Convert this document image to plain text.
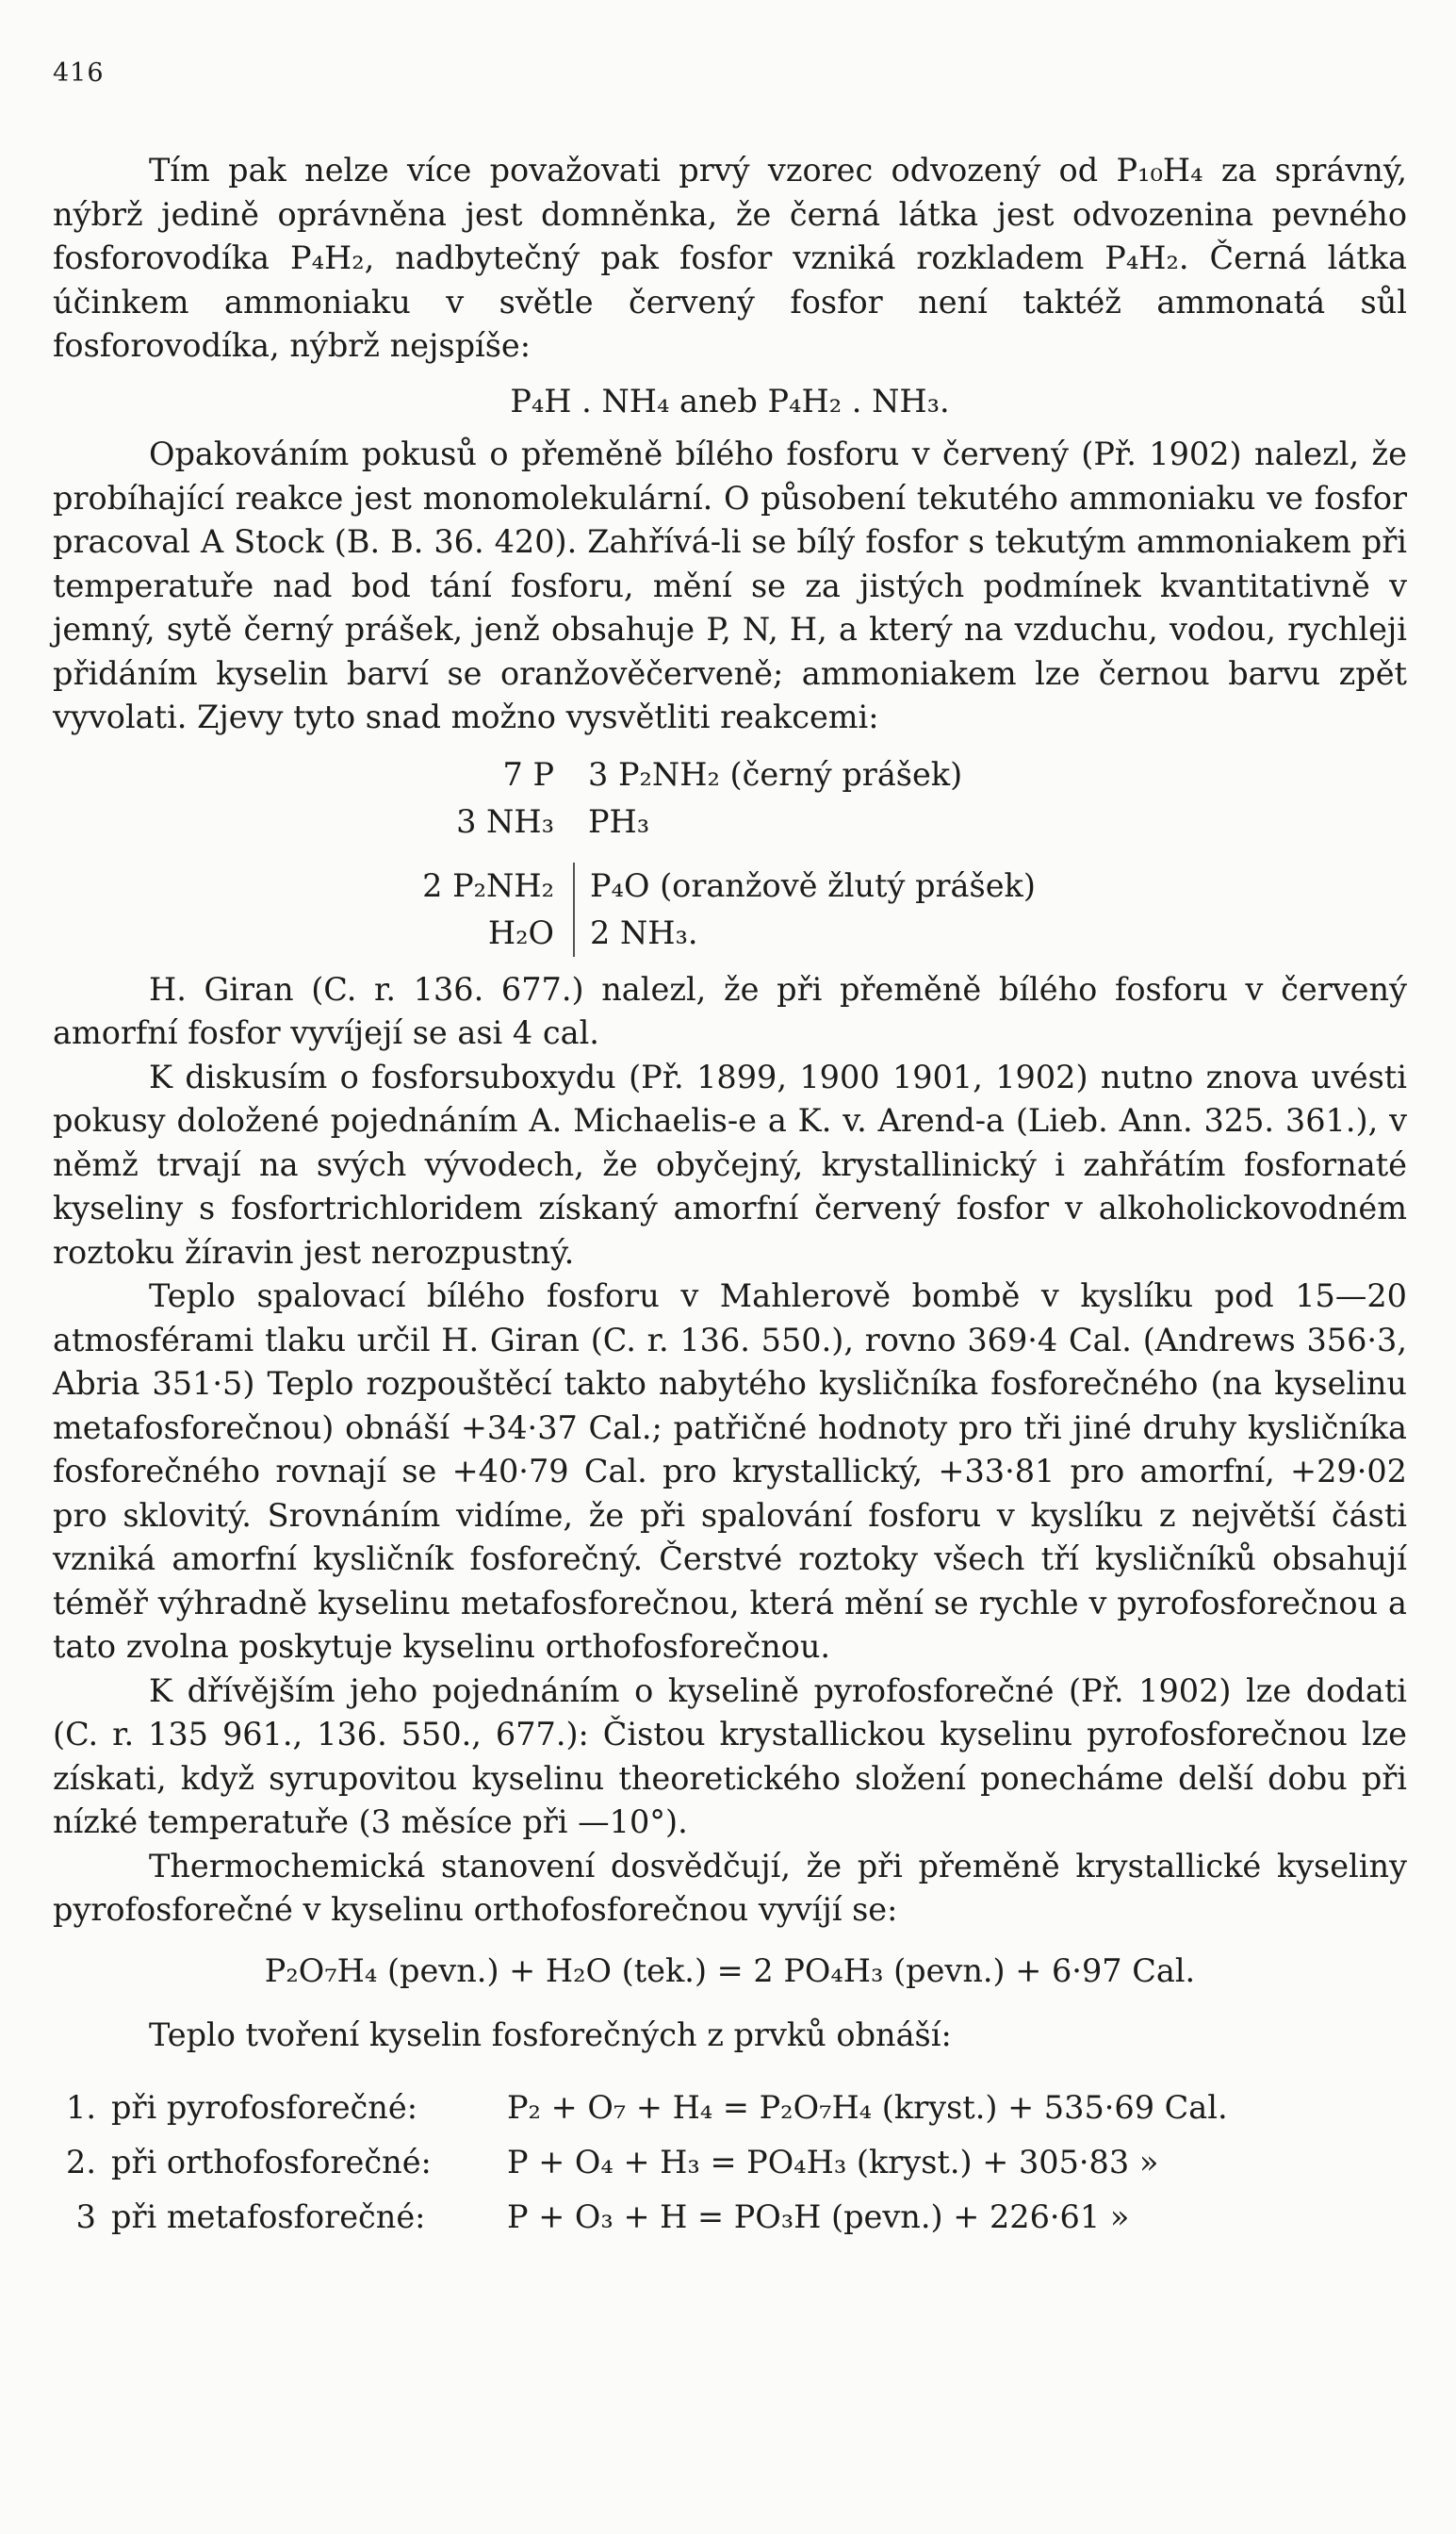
416

Tím pak nelze více považovati prvý vzorec odvozený od P₁₀H₄ za správný, nýbrž jedině oprávněna jest domněnka, že černá látka jest odvozenina pevného fosforovodíka P₄H₂, nadbytečný pak fosfor vzniká rozkladem P₄H₂. Černá látka účinkem ammoniaku v světle červený fosfor není taktéž ammonatá sůl fosforovodíka, nýbrž nejspíše:

P₄H . NH₄ aneb P₄H₂ . NH₃.

Opakováním pokusů o přeměně bílého fosforu v červený (Př. 1902) nalezl, že probíhající reakce jest monomolekulární. O působení tekutého ammoniaku ve fosfor pracoval A Stock (B. B. 36. 420). Zahřívá-li se bílý fosfor s tekutým ammoniakem při temperatuře nad bod tání fosforu, mění se za jistých podmínek kvantitativně v jemný, sytě černý prášek, jenž obsahuje P, N, H, a který na vzduchu, vodou, rychleji přidáním kyselin barví se oranžověčerveně; ammoniakem lze černou barvu zpět vyvolati. Zjevy tyto snad možno vysvětliti reakcemi:

7 P	3 P₂NH₂ (černý prášek)
3 NH₃	PH₃
2 P₂NH₂	P₄O (oranžově žlutý prášek)
H₂O	2 NH₃.

H. Giran (C. r. 136. 677.) nalezl, že při přeměně bílého fosforu v červený amorfní fosfor vyvíjejí se asi 4 cal.

K diskusím o fosforsuboxydu (Př. 1899, 1900 1901, 1902) nutno znova uvésti pokusy doložené pojednáním A. Michaelis-e a K. v. Arend-a (Lieb. Ann. 325. 361.), v němž trvají na svých vývodech, že obyčejný, krystallinický i zahřátím fosfornaté kyseliny s fosfortrichloridem získaný amorfní červený fosfor v alkoholickovodném roztoku žíravin jest nerozpustný.

Teplo spalovací bílého fosforu v Mahlerově bombě v kyslíku pod 15—20 atmosférami tlaku určil H. Giran (C. r. 136. 550.), rovno 369·4 Cal. (Andrews 356·3, Abria 351·5) Teplo rozpouštěcí takto nabytého kysličníka fosforečného (na kyselinu metafosforečnou) obnáší +34·37 Cal.; patřičné hodnoty pro tři jiné druhy kysličníka fosforečného rovnají se +40·79 Cal. pro krystallický, +33·81 pro amorfní, +29·02 pro sklovitý. Srovnáním vidíme, že při spalování fosforu v kyslíku z největší části vzniká amorfní kysličník fosforečný. Čerstvé roztoky všech tří kysličníků obsahují téměř výhradně kyselinu metafosforečnou, která mění se rychle v pyrofosforečnou a tato zvolna poskytuje kyselinu orthofosforečnou.

K dřívějším jeho pojednáním o kyselině pyrofosforečné (Př. 1902) lze dodati (C. r. 135 961., 136. 550., 677.): Čistou krystallickou kyselinu pyrofosforečnou lze získati, když syrupovitou kyselinu theoretického složení ponecháme delší dobu při nízké temperatuře (3 měsíce při —10°).

Thermochemická stanovení dosvědčují, že při přeměně krystallické kyseliny pyrofosforečné v kyselinu orthofosforečnou vyvíjí se:

P₂O₇H₄ (pevn.) + H₂O (tek.) = 2 PO₄H₃ (pevn.) + 6·97 Cal.

Teplo tvoření kyselin fosforečných z prvků obnáší:

1. při pyrofosforečné:	P₂ + O₇ + H₄ = P₂O₇H₄ (kryst.) + 535·69 Cal.
2. při orthofosforečné:	P + O₄ + H₃ = PO₄H₃ (kryst.) + 305·83 »
3 při metafosforečné:	P + O₃ + H = PO₃H (pevn.) + 226·61 »
